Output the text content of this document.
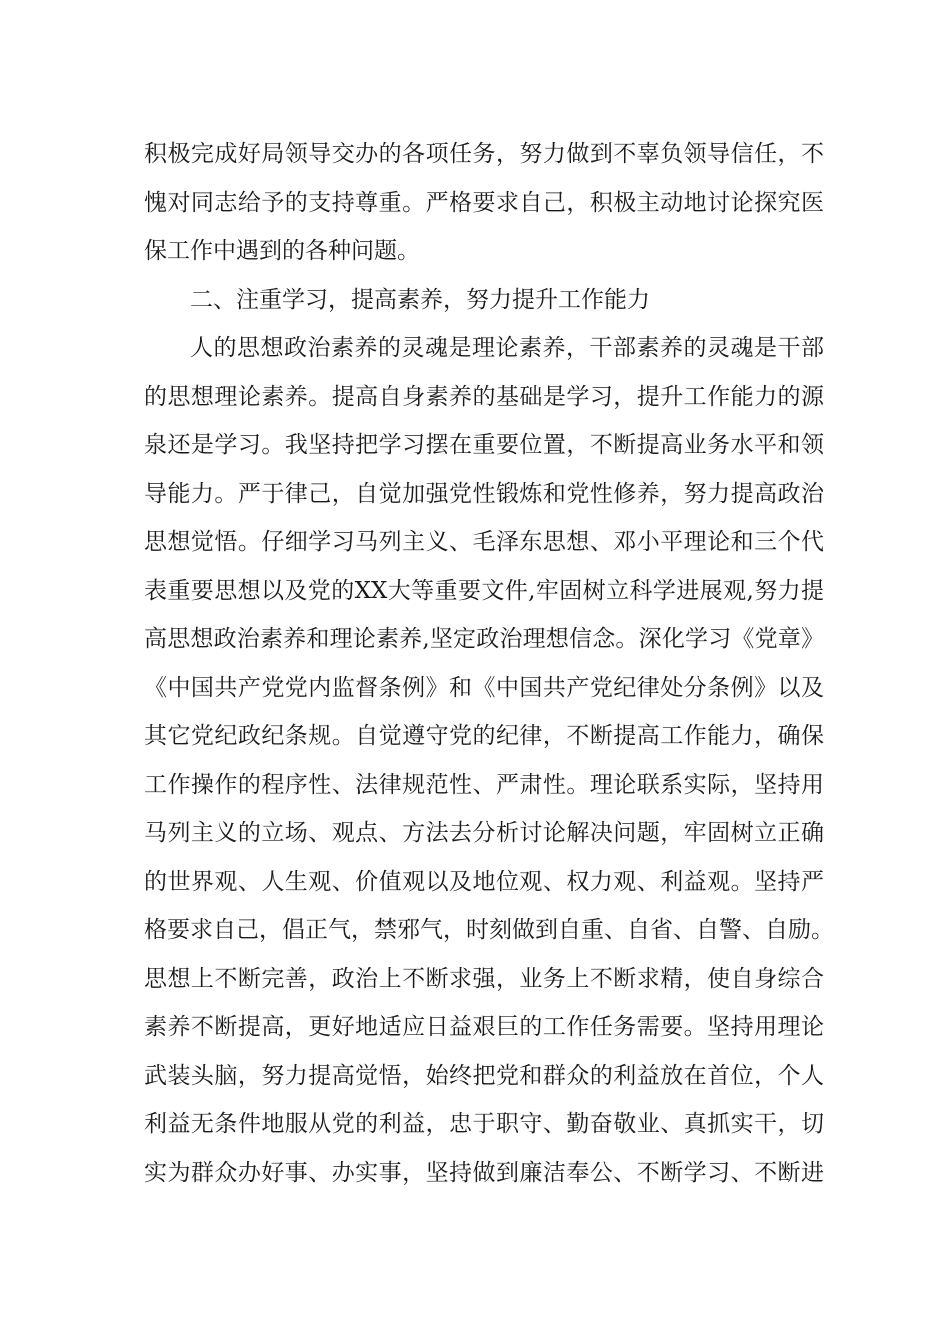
积极完成好局领导交办的各项任务，努力做到不辜负领导信任，不
愧对同志给予的支持尊重。严格要求自己，积极主动地讨论探究医
保工作中遇到的各种问题。
二、注重学习，提高素养，努力提升工作能力
人的思想政治素养的灵魂是理论素养，干部素养的灵魂是干部
的思想理论素养。提高自身素养的基础是学习，提升工作能力的源
泉还是学习。我坚持把学习摆在重要位置，不断提高业务水平和领
导能力。严于律己，自觉加强党性锻炼和党性修养，努力提高政治
思想觉悟。仔细学习马列主义、毛泽东思想、邓小平理论和三个代
表重要思想以及党的XX大等重要文件,牢固树立科学进展观,努力提
高思想政治素养和理论素养,坚定政治理想信念。深化学习《党章》
《中国共产党党内监督条例》和《中国共产党纪律处分条例》以及
其它党纪政纪条规。自觉遵守党的纪律，不断提高工作能力，确保
工作操作的程序性、法律规范性、严肃性。理论联系实际，坚持用
马列主义的立场、观点、方法去分析讨论解决问题，牢固树立正确
的世界观、人生观、价值观以及地位观、权力观、利益观。坚持严
格要求自己，倡正气，禁邪气，时刻做到自重、自省、自警、自励。
思想上不断完善，政治上不断求强，业务上不断求精，使自身综合
素养不断提高，更好地适应日益艰巨的工作任务需要。坚持用理论
武装头脑，努力提高觉悟，始终把党和群众的利益放在首位，个人
利益无条件地服从党的利益，忠于职守、勤奋敬业、真抓实干，切
实为群众办好事、办实事，坚持做到廉洁奉公、不断学习、不断进
